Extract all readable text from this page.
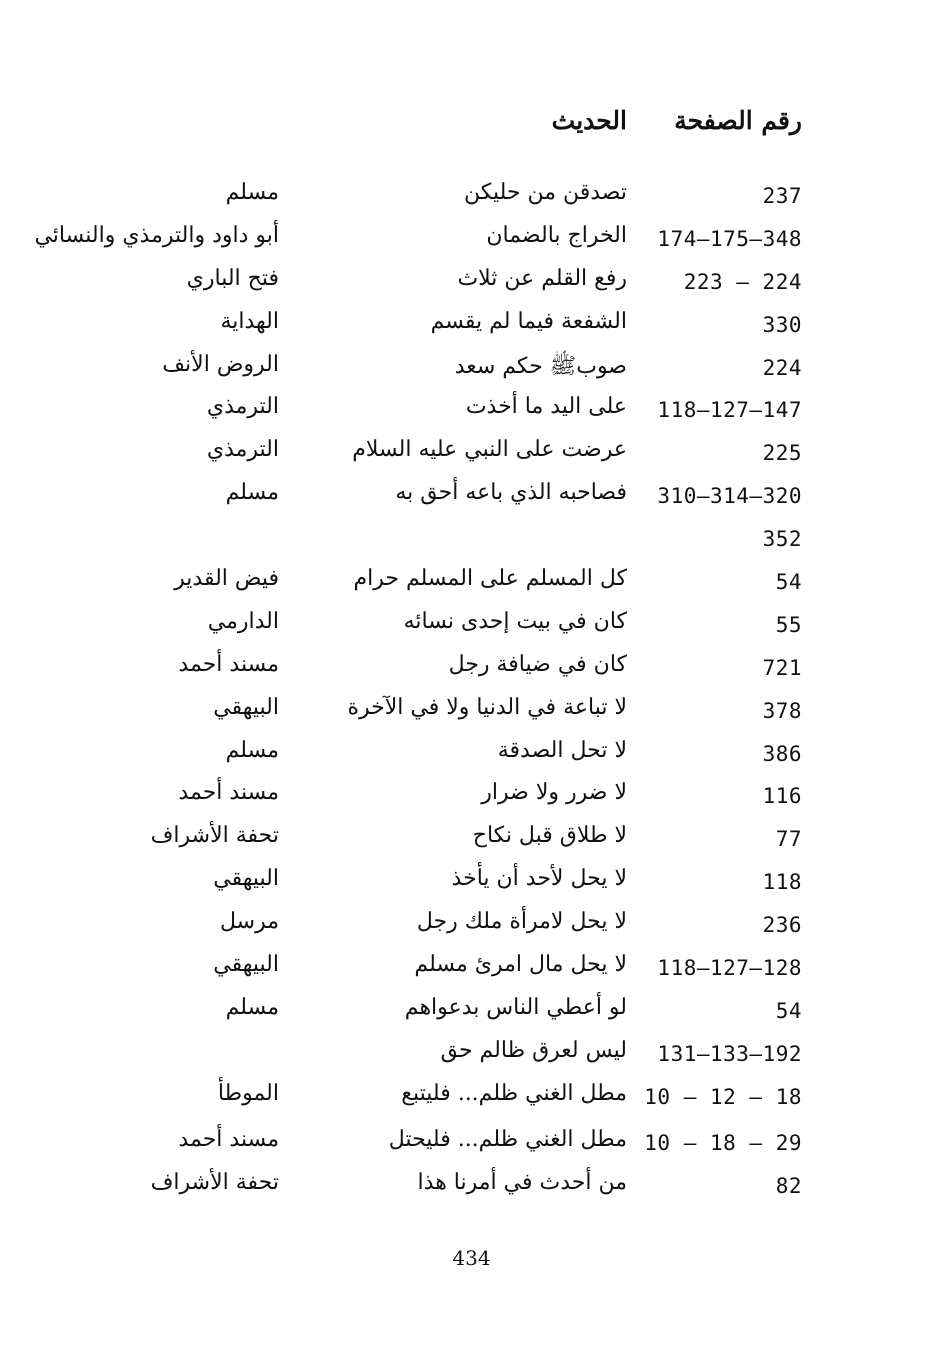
رقم الصفحة
الحديث
237
تصدقن من حليكن
مسلم
174–175–348
الخراج بالضمان
أبو داود والترمذي والنسائي
223 – 224
رفع القلم عن ثلاث
فتح الباري
330
الشفعة فيما لم يقسم
الهداية
224
صوبﷺ حكم سعد
الروض الأنف
118–127–147
على اليد ما أخذت
الترمذي
225
عرضت على النبي عليه السلام
الترمذي
310–314–320
فصاحبه الذي باعه أحق به
مسلم
352
54
كل المسلم على المسلم حرام
فيض القدير
55
كان في بيت إحدى نسائه
الدارمي
721
كان في ضيافة رجل
مسند أحمد
378
لا تباعة في الدنيا ولا في الآخرة
البيهقي
386
لا تحل الصدقة
مسلم
116
لا ضرر ولا ضرار
مسند أحمد
77
لا طلاق قبل نكاح
تحفة الأشراف
118
لا يحل لأحد أن يأخذ
البيهقي
236
لا يحل لامرأة ملك رجل
مرسل
118–127–128
لا يحل مال امرئ مسلم
البيهقي
54
لو أعطي الناس بدعواهم
مسلم
131–133–192
ليس لعرق ظالم حق
10 – 12 – 18
مطل الغني ظلم... فليتبع
الموطأ
10 – 18 – 29
مطل الغني ظلم... فليحتل
مسند أحمد
82
من أحدث في أمرنا هذا
تحفة الأشراف
434
